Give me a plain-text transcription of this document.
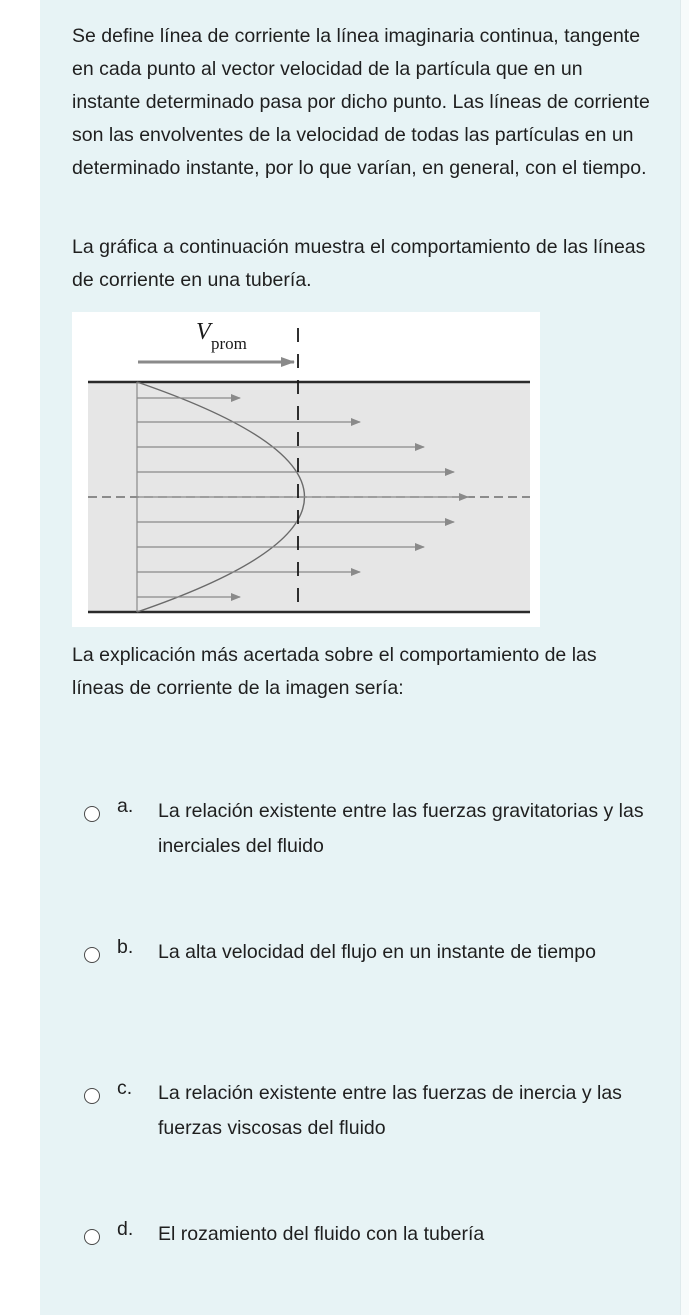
Se define línea de corriente la línea imaginaria continua, tangente en cada punto al vector velocidad de la partícula que en un instante determinado pasa por dicho punto. Las líneas de corriente son las envolventes de la velocidad de todas las partículas en un determinado instante, por lo que varían, en general, con el tiempo.

La gráfica a continuación muestra el comportamiento de las líneas de corriente en una tubería.

V prom

La explicación más acertada sobre el comportamiento de las líneas de corriente de la imagen sería:

a. La relación existente entre las fuerzas gravitatorias y las inerciales del fluido
b. La alta velocidad del flujo en un instante de tiempo
c. La relación existente entre las fuerzas de inercia y las fuerzas viscosas del fluido
d. El rozamiento del fluido con la tubería
